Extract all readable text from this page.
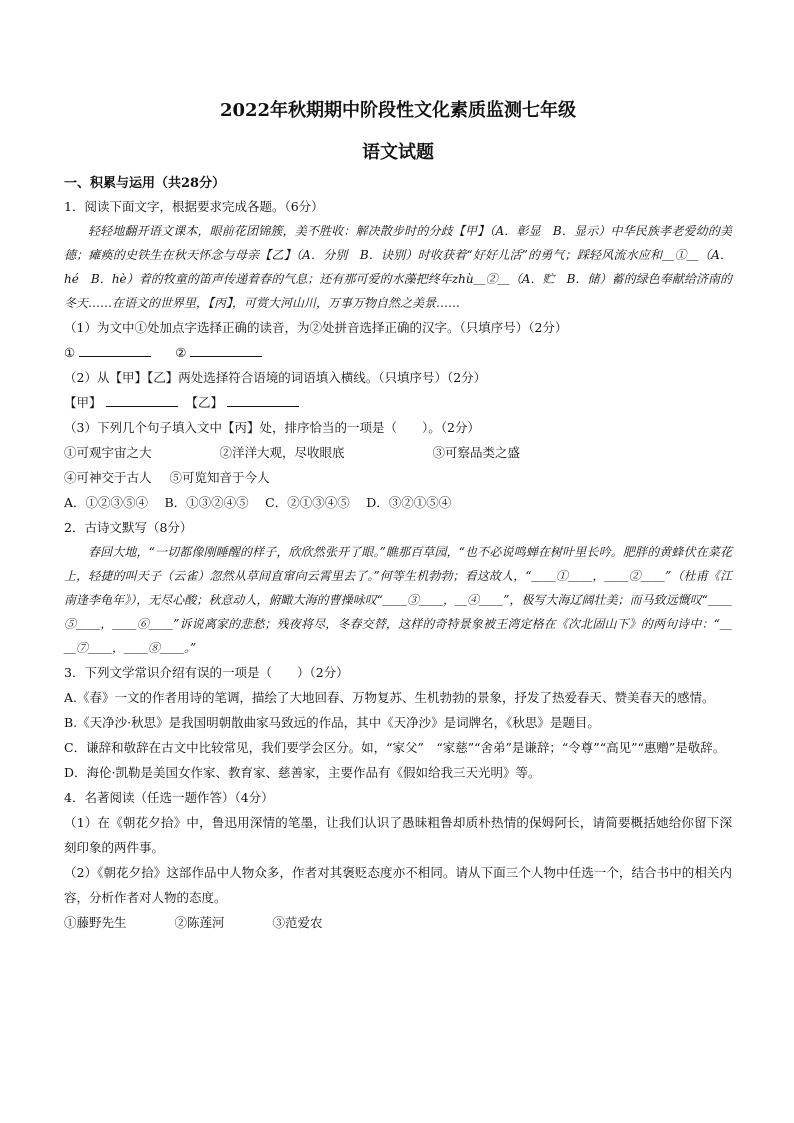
2022年秋期期中阶段性文化素质监测七年级
语文试题
一、积累与运用（共28分）
1．阅读下面文字，根据要求完成各题。（6分）
轻轻地翻开语文课本，眼前花团锦簇，美不胜收：解决散步时的分歧【甲】（A．彰显　B．显示）中华民族孝老爱幼的美德；瘫痪的史铁生在秋天怀念与母亲【乙】（A．分别　B．诀别）时收获着“好好儿活”的勇气；踩轻风流水应和＿①＿（A．hé　B．hè）着的牧童的笛声传递着春的气息；还有那可爱的水藻把终年zhù＿②＿（A．贮　B．储）蓄的绿色奉献给济南的冬天……在语文的世界里，【丙】，可赏大河山川，万事万物自然之美景……
（1）为文中①处加点字选择正确的读音，为②处拼音选择正确的汉字。（只填序号）（2分）
①	②
（2）从【甲】【乙】两处选择符合语境的词语填入横线。（只填序号）（2分）
【甲】	【乙】
（3）下列几个句子填入文中【丙】处，排序恰当的一项是（　　）。（2分）
①可观宇宙之大	②洋洋大观，尽收眼底	③可察品类之盛
④可神交于古人 ⑤可览知音于今人
A．①②③⑤④　 B．①③②④⑤　 C．②①③④⑤　 D．③②①⑤④
2．古诗文默写（8分）
春回大地，“一切都像刚睡醒的样子，欣欣然张开了眼。”瞧那百草园，“也不必说鸣蝉在树叶里长吟。肥胖的黄蜂伏在菜花上，轻捷的叫天子（云雀）忽然从草间直窜向云霄里去了。”何等生机勃勃；看这故人，“＿＿①＿＿，＿＿②＿＿”（杜甫《江南逢李龟年》），无尽心酸；秋意动人，俯瞰大海的曹操咏叹“＿＿③＿＿，＿④＿＿”，极写大海辽阔壮美；而马致远慨叹“＿＿⑤＿＿，＿＿⑥＿＿”诉说离家的悲愁；残夜将尽，冬春交替，这样的奇特景象被王湾定格在《次北固山下》的两句诗中：“＿＿⑦＿＿，＿＿⑧＿＿。”
3．下列文学常识介绍有误的一项是（　　）（2分）
A.《春》一文的作者用诗的笔调，描绘了大地回春、万物复苏、生机勃勃的景象，抒发了热爱春天、赞美春天的感情。
B.《天净沙·秋思》是我国明朝散曲家马致远的作品，其中《天净沙》是词牌名，《秋思》是题目。
C．谦辞和敬辞在古文中比较常见，我们要学会区分。如，“家父”　“家慈”“舍弟”是谦辞；“令尊”“高见”“惠赠”是敬辞。
D．海伦·凯勒是美国女作家、教育家、慈善家，主要作品有《假如给我三天光明》等。
4．名著阅读（任选一题作答）（4分）
（1）在《朝花夕拾》中，鲁迅用深情的笔墨，让我们认识了愚昧粗鲁却质朴热情的保姆阿长，请简要概括她给你留下深刻印象的两件事。
（2）《朝花夕拾》这部作品中人物众多，作者对其褒贬态度亦不相同。请从下面三个人物中任选一个，结合书中的相关内容，分析作者对人物的态度。
①藤野先生	②陈莲河	③范爱农
